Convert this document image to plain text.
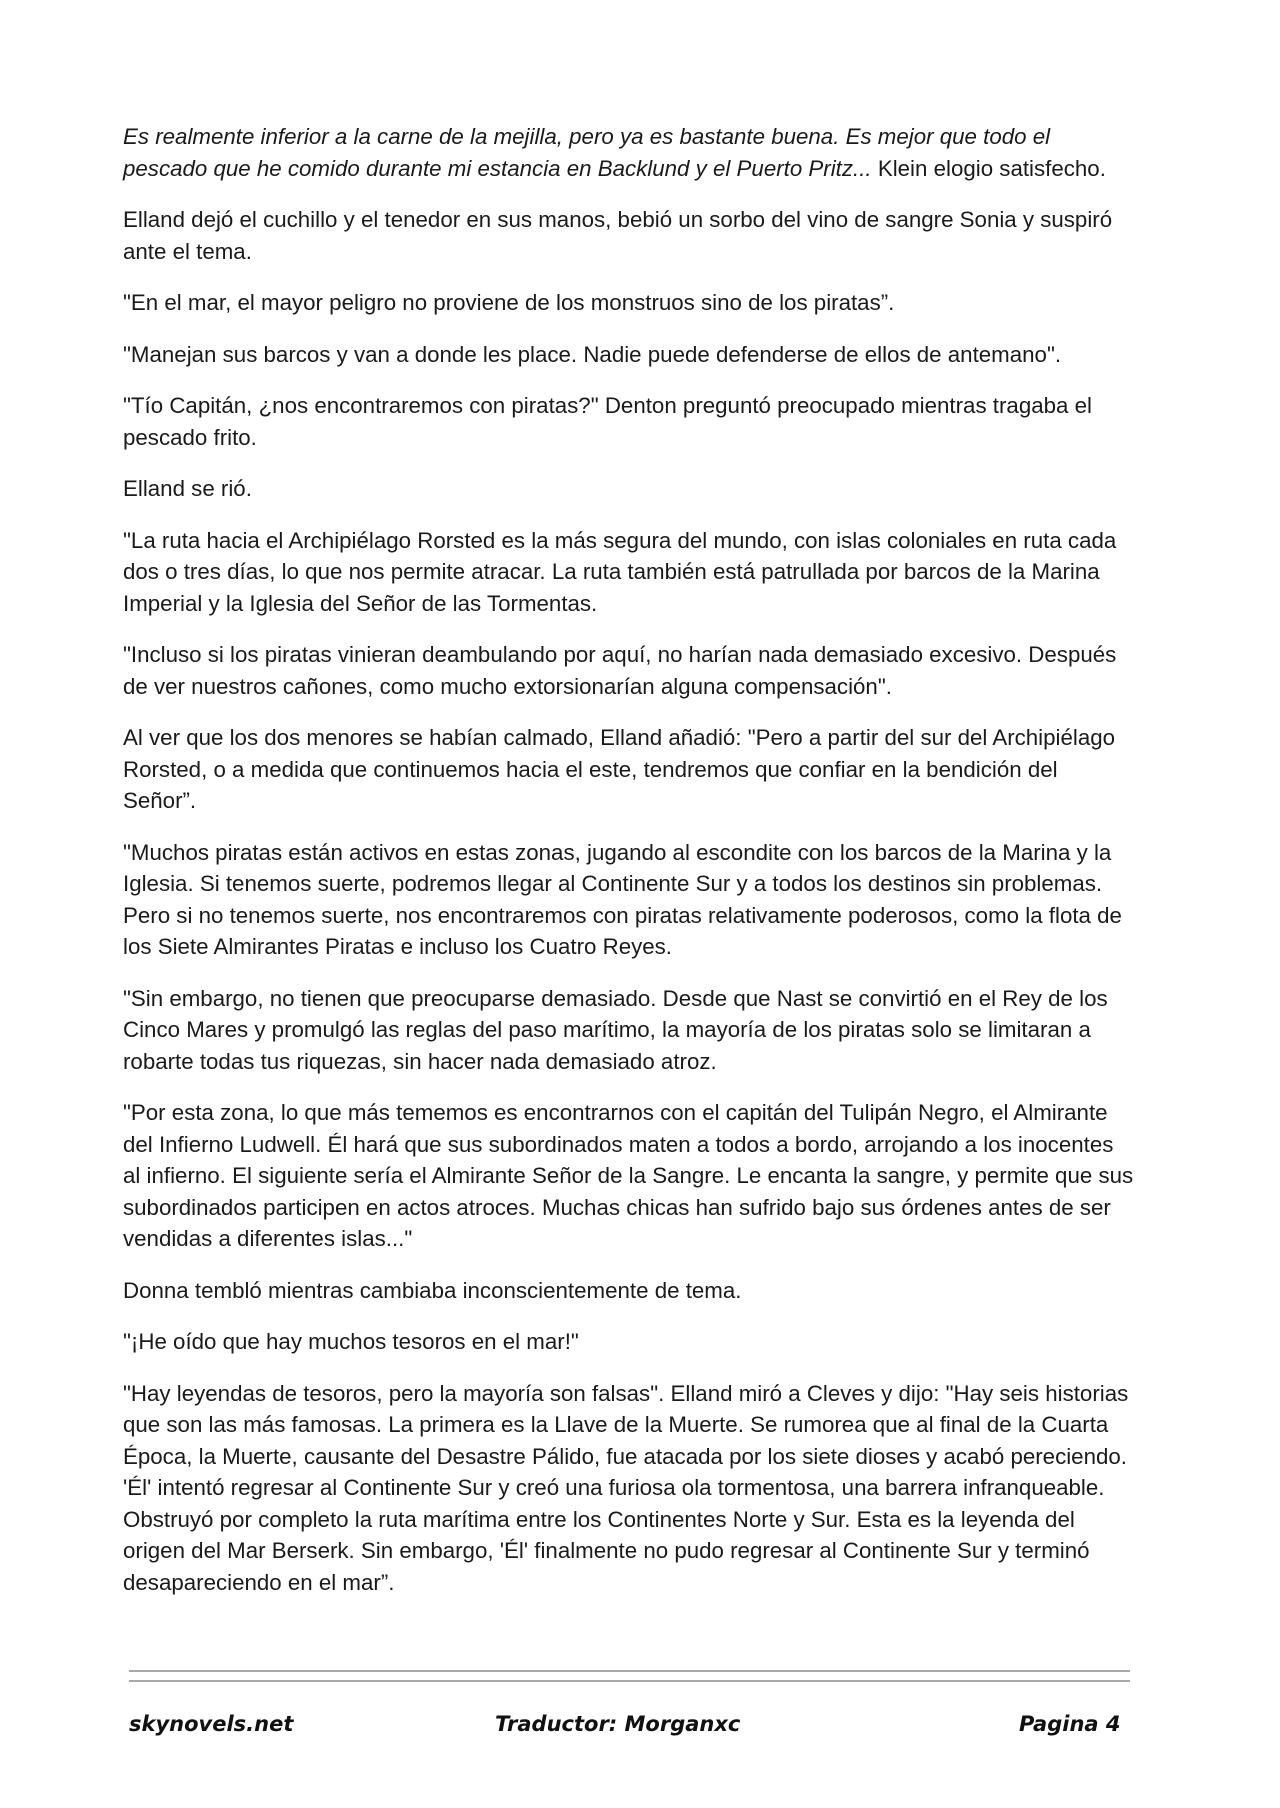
Es realmente inferior a la carne de la mejilla, pero ya es bastante buena. Es mejor que todo el pescado que he comido durante mi estancia en Backlund y el Puerto Pritz... Klein elogio satisfecho.

Elland dejó el cuchillo y el tenedor en sus manos, bebió un sorbo del vino de sangre Sonia y suspiró ante el tema.

"En el mar, el mayor peligro no proviene de los monstruos sino de los piratas”.

"Manejan sus barcos y van a donde les place. Nadie puede defenderse de ellos de antemano".

"Tío Capitán, ¿nos encontraremos con piratas?" Denton preguntó preocupado mientras tragaba el pescado frito.

Elland se rió.

"La ruta hacia el Archipiélago Rorsted es la más segura del mundo, con islas coloniales en ruta cada dos o tres días, lo que nos permite atracar. La ruta también está patrullada por barcos de la Marina Imperial y la Iglesia del Señor de las Tormentas.

"Incluso si los piratas vinieran deambulando por aquí, no harían nada demasiado excesivo. Después de ver nuestros cañones, como mucho extorsionarían alguna compensación".

Al ver que los dos menores se habían calmado, Elland añadió: "Pero a partir del sur del Archipiélago Rorsted, o a medida que continuemos hacia el este, tendremos que confiar en la bendición del Señor”.

"Muchos piratas están activos en estas zonas, jugando al escondite con los barcos de la Marina y la Iglesia. Si tenemos suerte, podremos llegar al Continente Sur y a todos los destinos sin problemas. Pero si no tenemos suerte, nos encontraremos con piratas relativamente poderosos, como la flota de los Siete Almirantes Piratas e incluso los Cuatro Reyes.

"Sin embargo, no tienen que preocuparse demasiado. Desde que Nast se convirtió en el Rey de los Cinco Mares y promulgó las reglas del paso marítimo, la mayoría de los piratas solo se limitaran a robarte todas tus riquezas, sin hacer nada demasiado atroz.

"Por esta zona, lo que más tememos es encontrarnos con el capitán del Tulipán Negro, el Almirante del Infierno Ludwell. Él hará que sus subordinados maten a todos a bordo, arrojando a los inocentes al infierno. El siguiente sería el Almirante Señor de la Sangre. Le encanta la sangre, y permite que sus subordinados participen en actos atroces. Muchas chicas han sufrido bajo sus órdenes antes de ser vendidas a diferentes islas..."

Donna tembló mientras cambiaba inconscientemente de tema.

"¡He oído que hay muchos tesoros en el mar!"

"Hay leyendas de tesoros, pero la mayoría son falsas". Elland miró a Cleves y dijo: "Hay seis historias que son las más famosas. La primera es la Llave de la Muerte. Se rumorea que al final de la Cuarta Época, la Muerte, causante del Desastre Pálido, fue atacada por los siete dioses y acabó pereciendo. 'Él' intentó regresar al Continente Sur y creó una furiosa ola tormentosa, una barrera infranqueable. Obstruyó por completo la ruta marítima entre los Continentes Norte y Sur. Esta es la leyenda del origen del Mar Berserk. Sin embargo, 'Él' finalmente no pudo regresar al Continente Sur y terminó desapareciendo en el mar”.

skynovels.net	Traductor: Morganxc	Pagina 4
